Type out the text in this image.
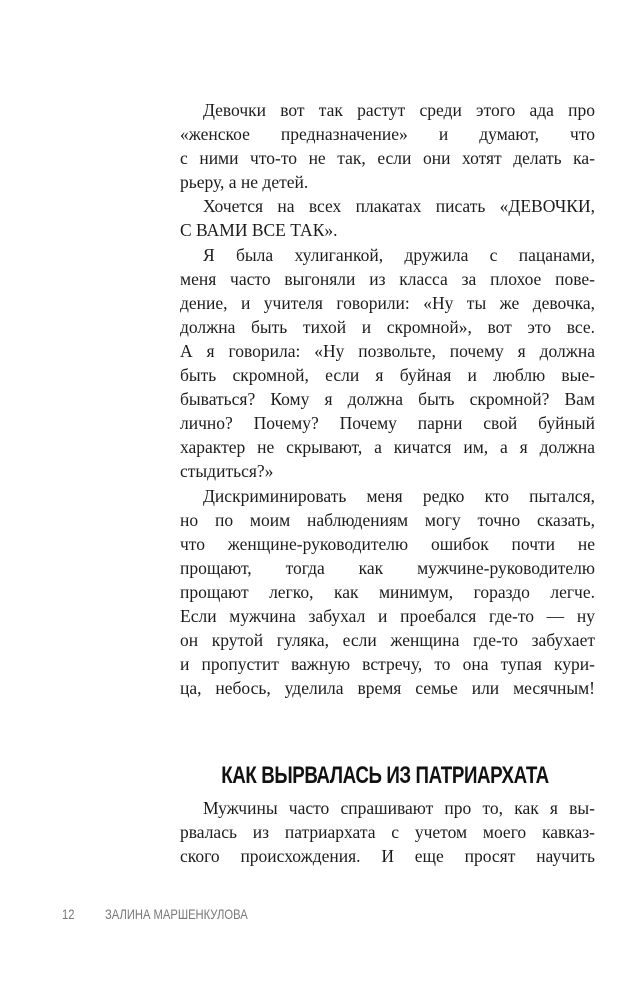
Девочки вот так растут среди этого ада про
«женское предназначение» и думают, что
с ними что-то не так, если они хотят делать ка-
рьеру, а не детей.
Хочется на всех плакатах писать «ДЕВОЧКИ,
С ВАМИ ВСЕ ТАК».
Я была хулиганкой, дружила с пацанами,
меня часто выгоняли из класса за плохое пове-
дение, и учителя говорили: «Ну ты же девочка,
должна быть тихой и скромной», вот это все.
А я говорила: «Ну позвольте, почему я должна
быть скромной, если я буйная и люблю вые-
бываться? Кому я должна быть скромной? Вам
лично? Почему? Почему парни свой буйный
характер не скрывают, а кичатся им, а я должна
стыдиться?»
Дискриминировать меня редко кто пытался,
но по моим наблюдениям могу точно сказать,
что женщине-руководителю ошибок почти не
прощают, тогда как мужчине-руководителю
прощают легко, как минимум, гораздо легче.
Если мужчина забухал и проебался где-то — ну
он крутой гуляка, если женщина где-то забухает
и пропустит важную встречу, то она тупая кури-
ца, небось, уделила время семье или месячным!
КАК ВЫРВАЛАСЬ ИЗ ПАТРИАРХАТА
Мужчины часто спрашивают про то, как я вы-
рвалась из патриархата с учетом моего кавказ-
ского происхождения. И еще просят научить
12 ЗАЛИНА МАРШЕНКУЛОВА
